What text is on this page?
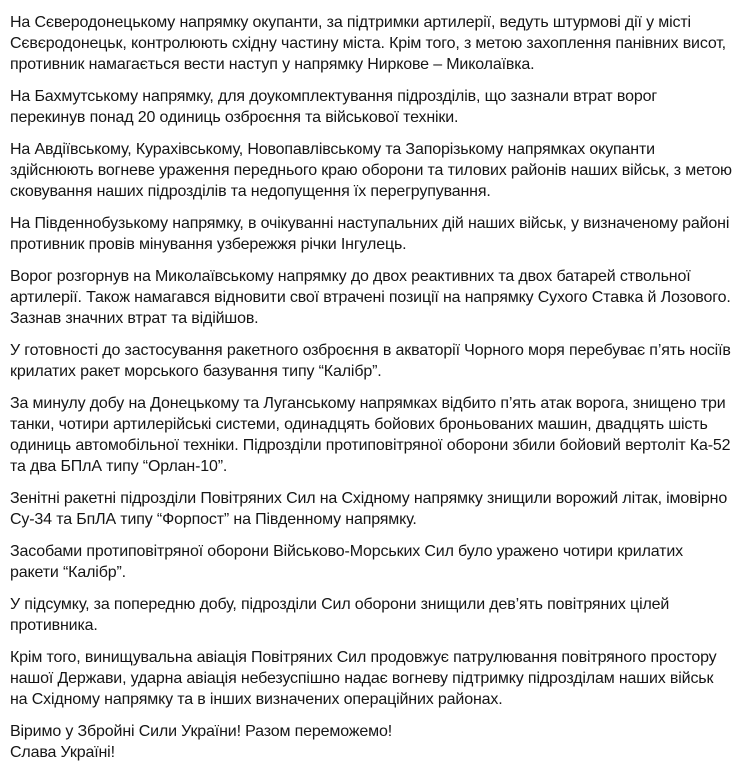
На Сєверодонецькому напрямку окупанти, за підтримки артилерії, ведуть штурмові дії у місті Сєвєродонецьк, контролюють східну частину міста. Крім того, з метою захоплення панівних висот, противник намагається вести наступ у напрямку Ниркове – Миколаївка.

На Бахмутському напрямку, для доукомплектування підрозділів, що зазнали втрат ворог перекинув понад 20 одиниць озброєння та військової техніки.

На Авдіївському, Курахівському, Новопавлівському та Запорізькому напрямках окупанти здійснюють вогневе ураження переднього краю оборони та тилових районів наших військ, з метою сковування наших підрозділів та недопущення їх перегрупування.

На Південнобузькому напрямку, в очікуванні наступальних дій наших військ, у визначеному районі противник провів мінування узбережжя річки Інгулець.

Ворог розгорнув на Миколаївському напрямку до двох реактивних та двох батарей ствольної артилерії. Також намагався відновити свої втрачені позиції на напрямку Сухого Ставка й Лозового. Зазнав значних втрат та відійшов.

У готовності до застосування ракетного озброєння в акваторії Чорного моря перебуває п’ять носіїв крилатих ракет морського базування типу “Калібр”.

За минулу добу на Донецькому та Луганському напрямках відбито п’ять атак ворога, знищено три танки, чотири артилерійські системи, одинадцять бойових броньованих машин, двадцять шість одиниць автомобільної техніки. Підрозділи протиповітряної оборони збили бойовий вертоліт Ка-52 та два БПлА типу “Орлан-10”.

Зенітні ракетні підрозділи Повітряних Сил на Східному напрямку знищили ворожий літак, імовірно Су-34 та БпЛА типу “Форпост” на Південному напрямку.

Засобами протиповітряної оборони Військово-Морських Сил було уражено чотири крилатих ракети “Калібр”.

У підсумку, за попередню добу, підрозділи Сил оборони знищили дев’ять повітряних цілей противника.

Крім того, винищувальна авіація Повітряних Сил продовжує патрулювання повітряного простору нашої Держави, ударна авіація небезуспішно надає вогневу підтримку підрозділам наших військ на Східному напрямку та в інших визначених операційних районах.

Віримо у Збройні Сили України! Разом переможемо!
Слава Україні!
